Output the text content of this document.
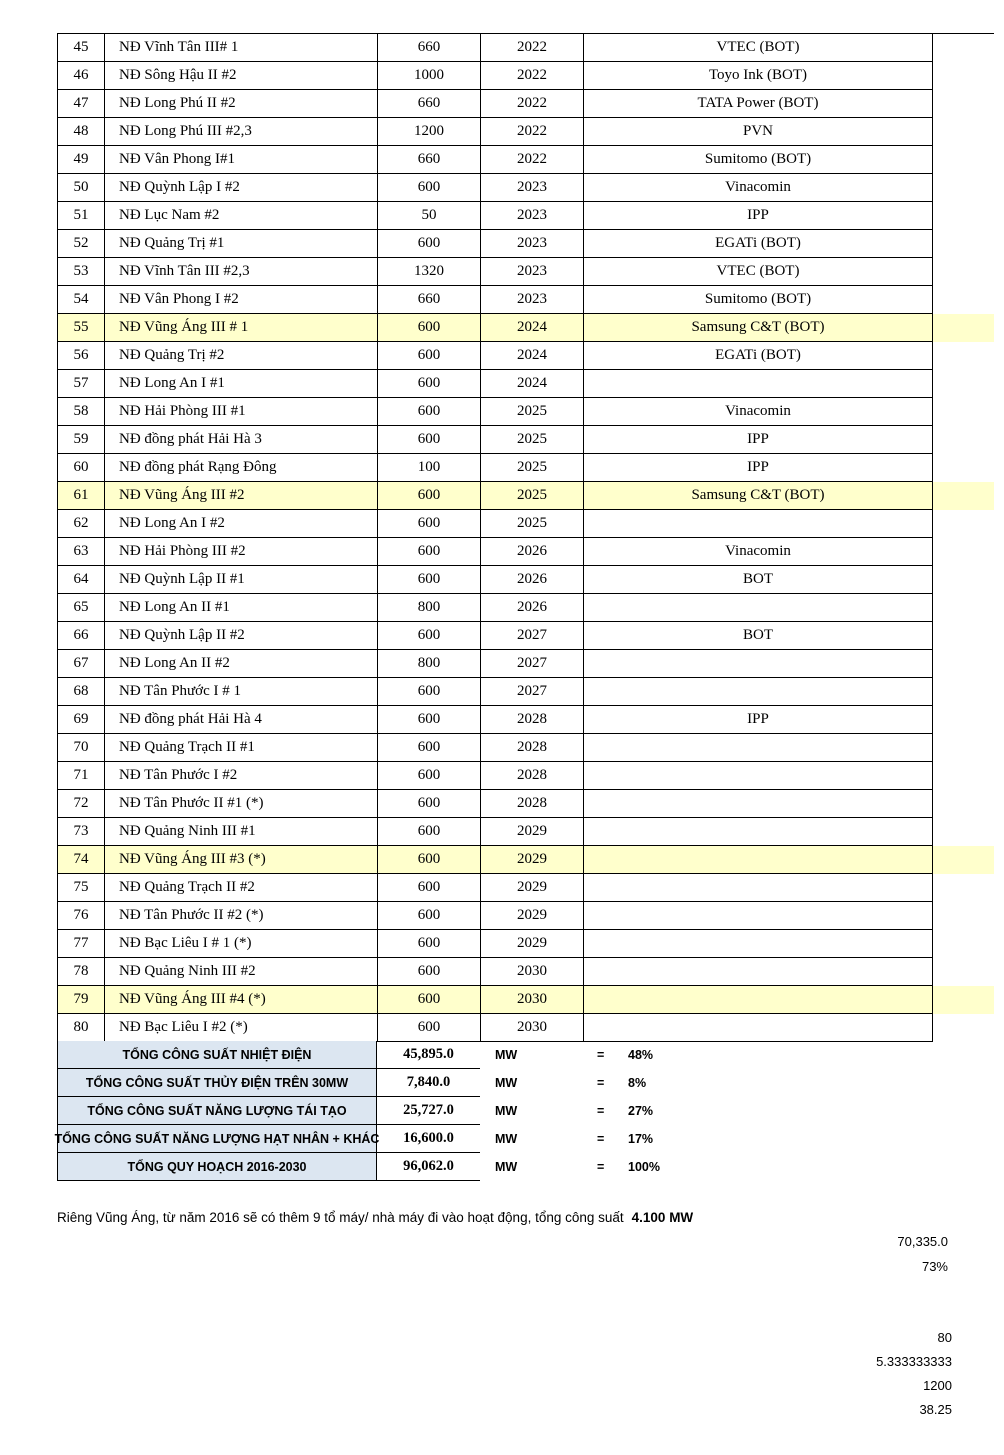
45	NĐ Vĩnh Tân III# 1	660	2022	VTEC (BOT)
46	NĐ Sông Hậu II #2	1000	2022	Toyo Ink (BOT)
47	NĐ Long Phú II #2	660	2022	TATA Power (BOT)
48	NĐ Long Phú III #2,3	1200	2022	PVN
49	NĐ Vân Phong I#1	660	2022	Sumitomo (BOT)
50	NĐ Quỳnh Lập I #2	600	2023	Vinacomin
51	NĐ Lục Nam #2	50	2023	IPP
52	NĐ Quảng Trị #1	600	2023	EGATi (BOT)
53	NĐ Vĩnh Tân III #2,3	1320	2023	VTEC (BOT)
54	NĐ Vân Phong I #2	660	2023	Sumitomo (BOT)
55	NĐ Vũng Áng III # 1	600	2024	Samsung C&T (BOT)
56	NĐ Quảng Trị #2	600	2024	EGATi (BOT)
57	NĐ Long An I #1	600	2024
58	NĐ Hải Phòng III #1	600	2025	Vinacomin
59	NĐ đồng phát Hải Hà 3	600	2025	IPP
60	NĐ đồng phát Rạng Đông	100	2025	IPP
61	NĐ Vũng Áng III #2	600	2025	Samsung C&T (BOT)
62	NĐ Long An I #2	600	2025
63	NĐ Hải Phòng III #2	600	2026	Vinacomin
64	NĐ Quỳnh Lập II #1	600	2026	BOT
65	NĐ Long An II #1	800	2026
66	NĐ Quỳnh Lập II #2	600	2027	BOT
67	NĐ Long An II #2	800	2027
68	NĐ Tân Phước I # 1	600	2027
69	NĐ đồng phát Hải Hà 4	600	2028	IPP
70	NĐ Quảng Trạch II #1	600	2028
71	NĐ Tân Phước I #2	600	2028
72	NĐ Tân Phước II #1 (*)	600	2028
73	NĐ Quảng Ninh III #1	600	2029
74	NĐ Vũng Áng III #3 (*)	600	2029
75	NĐ Quảng Trạch II #2	600	2029
76	NĐ Tân Phước II #2 (*)	600	2029
77	NĐ Bạc Liêu I # 1 (*)	600	2029
78	NĐ Quảng Ninh III #2	600	2030
79	NĐ Vũng Áng III #4 (*)	600	2030
80	NĐ Bạc Liêu I #2 (*)	600	2030
TỔNG CÔNG SUẤT NHIỆT ĐIỆN	45,895.0	MW	=	48%
TỔNG CÔNG SUẤT THỦY ĐIỆN TRÊN 30MW	7,840.0	MW	=	8%
TỔNG CÔNG SUẤT NĂNG LƯỢNG TÁI TẠO	25,727.0	MW	=	27%
TỔNG CÔNG SUẤT NĂNG LƯỢNG HẠT NHÂN + KHÁC	16,600.0	MW	=	17%
TỔNG QUY HOẠCH 2016-2030	96,062.0	MW	=	100%
Riêng Vũng Áng, từ năm 2016 sẽ có thêm 9 tổ máy/ nhà máy đi vào hoạt động, tổng công suất 4.100 MW
70,335.0
73%
80
5.333333333
1200
38.25
